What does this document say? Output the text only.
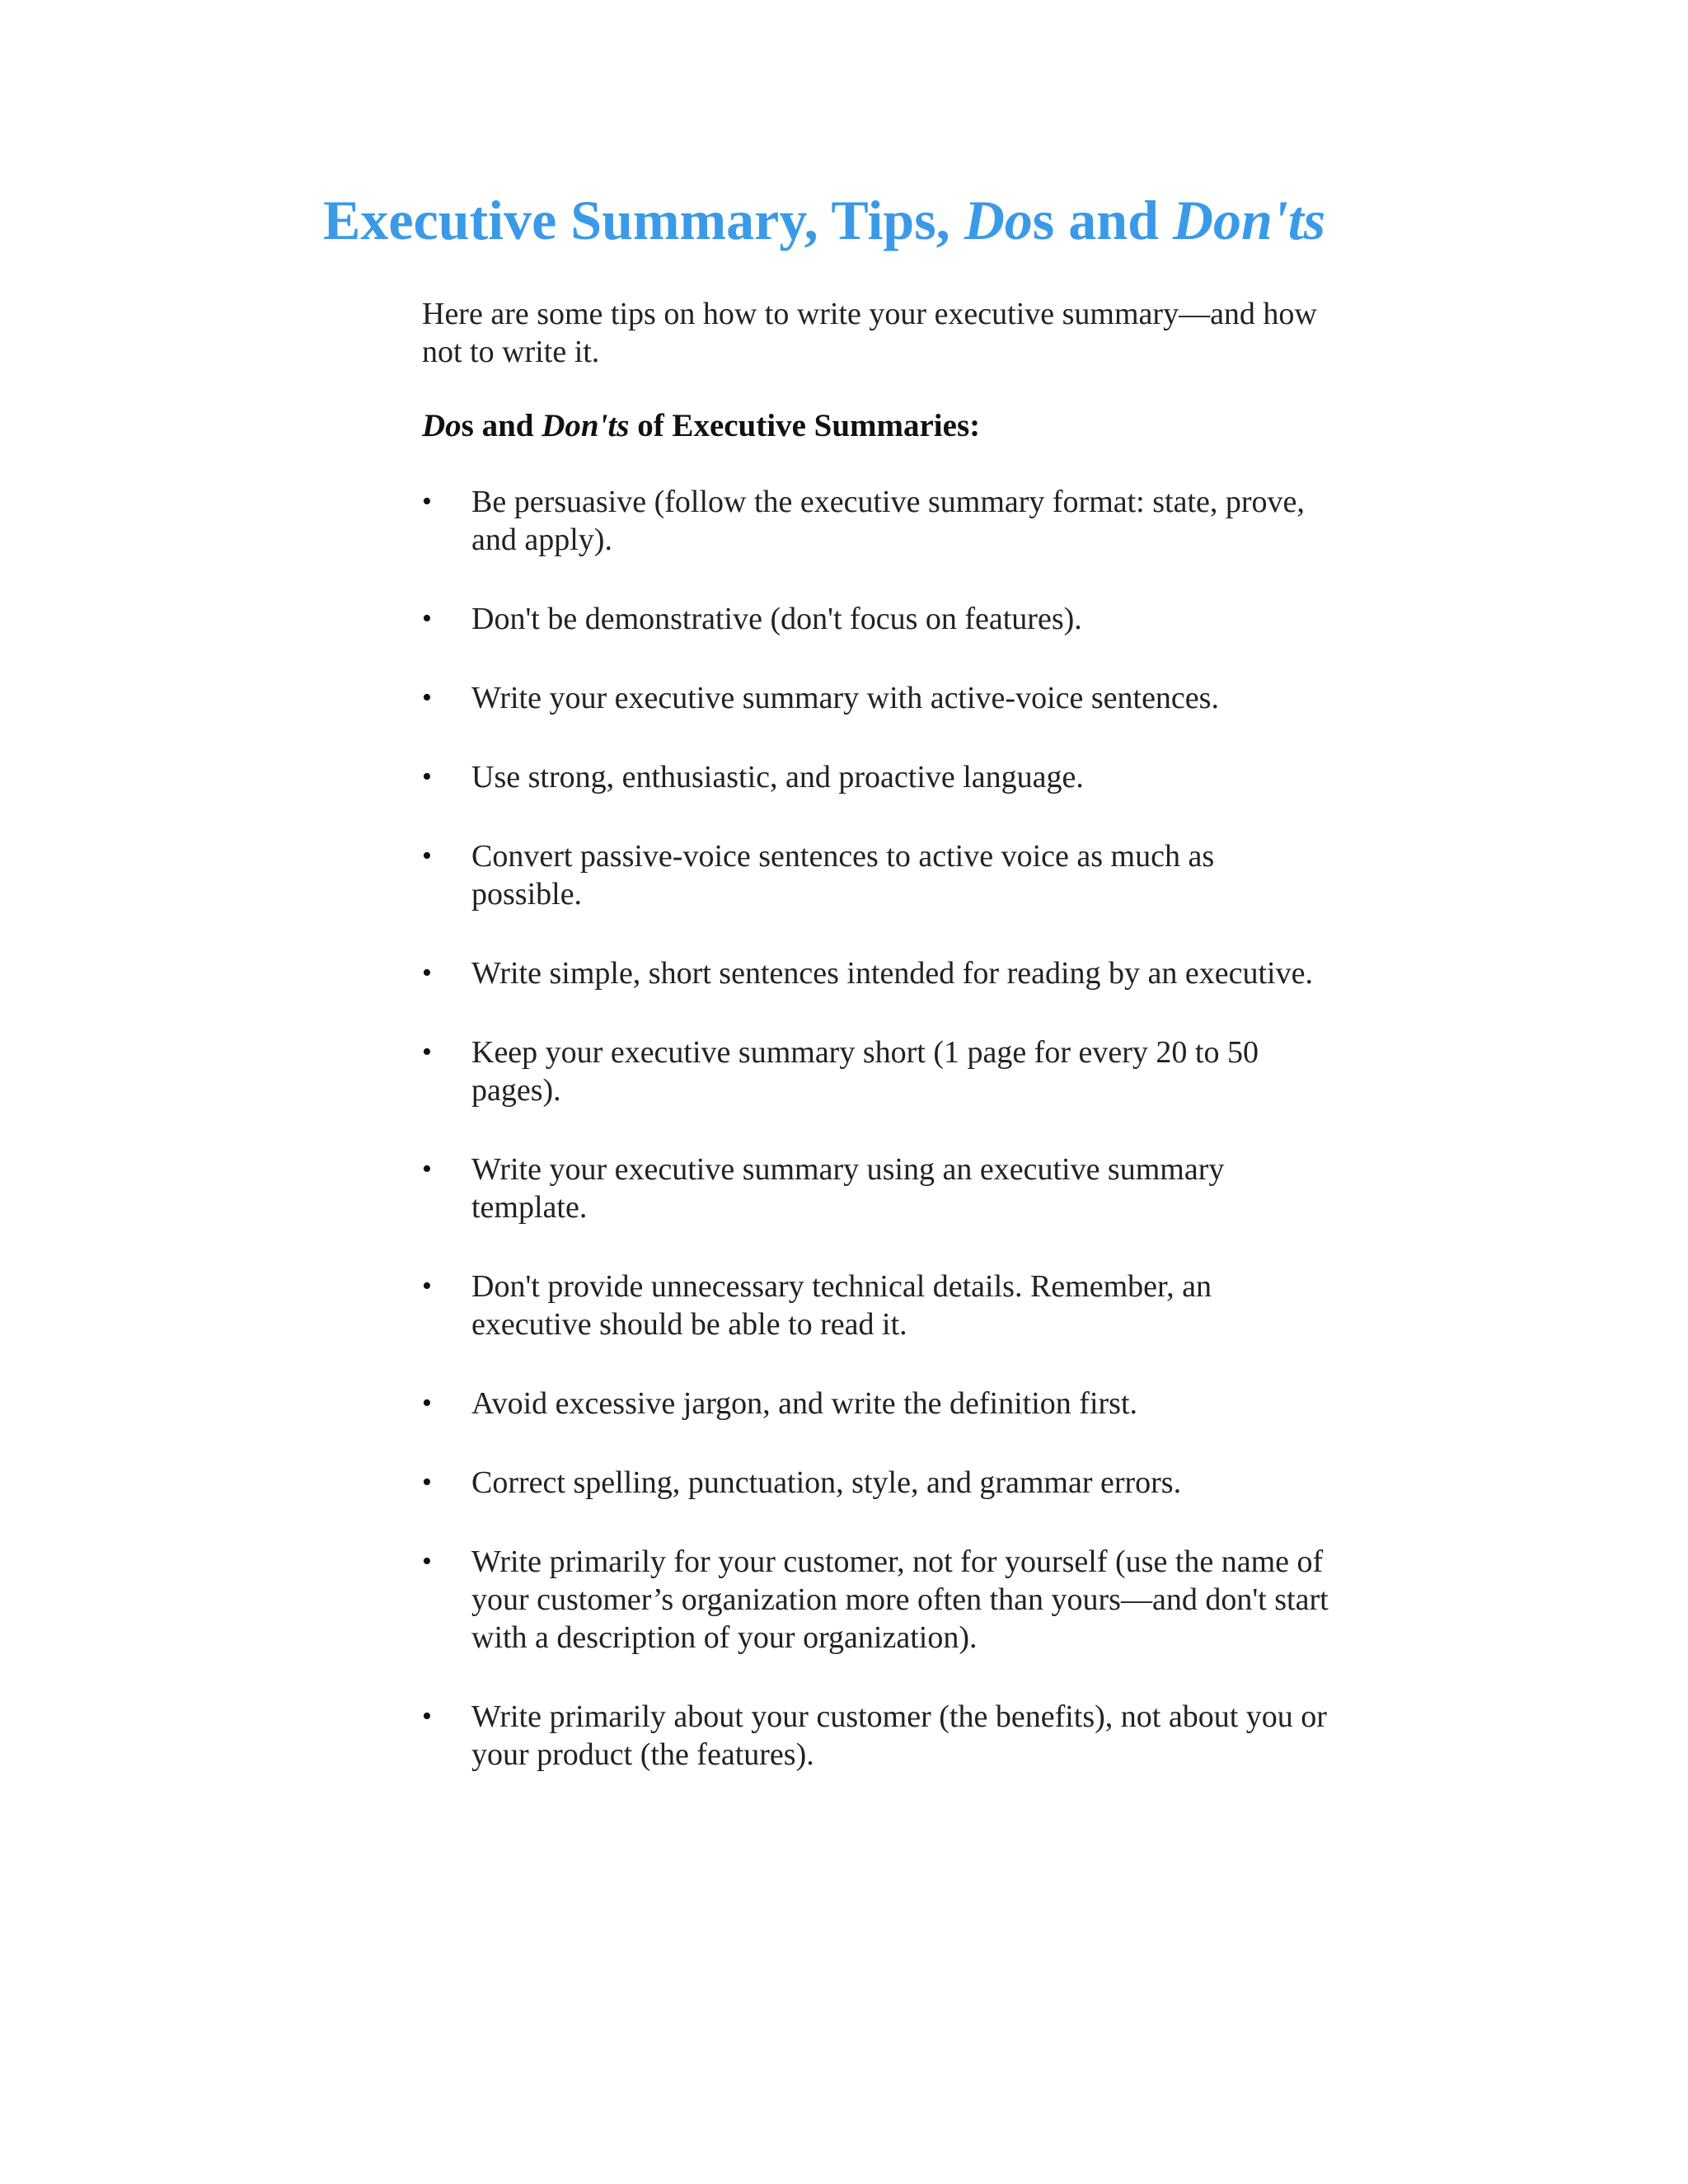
Executive Summary, Tips, Dos and Don'ts

Here are some tips on how to write your executive summary—and how not to write it.

Dos and Don'ts of Executive Summaries:
•	Be persuasive (follow the executive summary format: state, prove, and apply).
•	Don't be demonstrative (don't focus on features).
•	Write your executive summary with active-voice sentences.
•	Use strong, enthusiastic, and proactive language.
•	Convert passive-voice sentences to active voice as much as possible.
•	Write simple, short sentences intended for reading by an executive.
•	Keep your executive summary short (1 page for every 20 to 50 pages).
•	Write your executive summary using an executive summary template.
•	Don't provide unnecessary technical details. Remember, an executive should be able to read it.
•	Avoid excessive jargon, and write the definition first.
•	Correct spelling, punctuation, style, and grammar errors.
•	Write primarily for your customer, not for yourself (use the name of your customer’s organization more often than yours—and don't start with a description of your organization).
•	Write primarily about your customer (the benefits), not about you or your product (the features).
